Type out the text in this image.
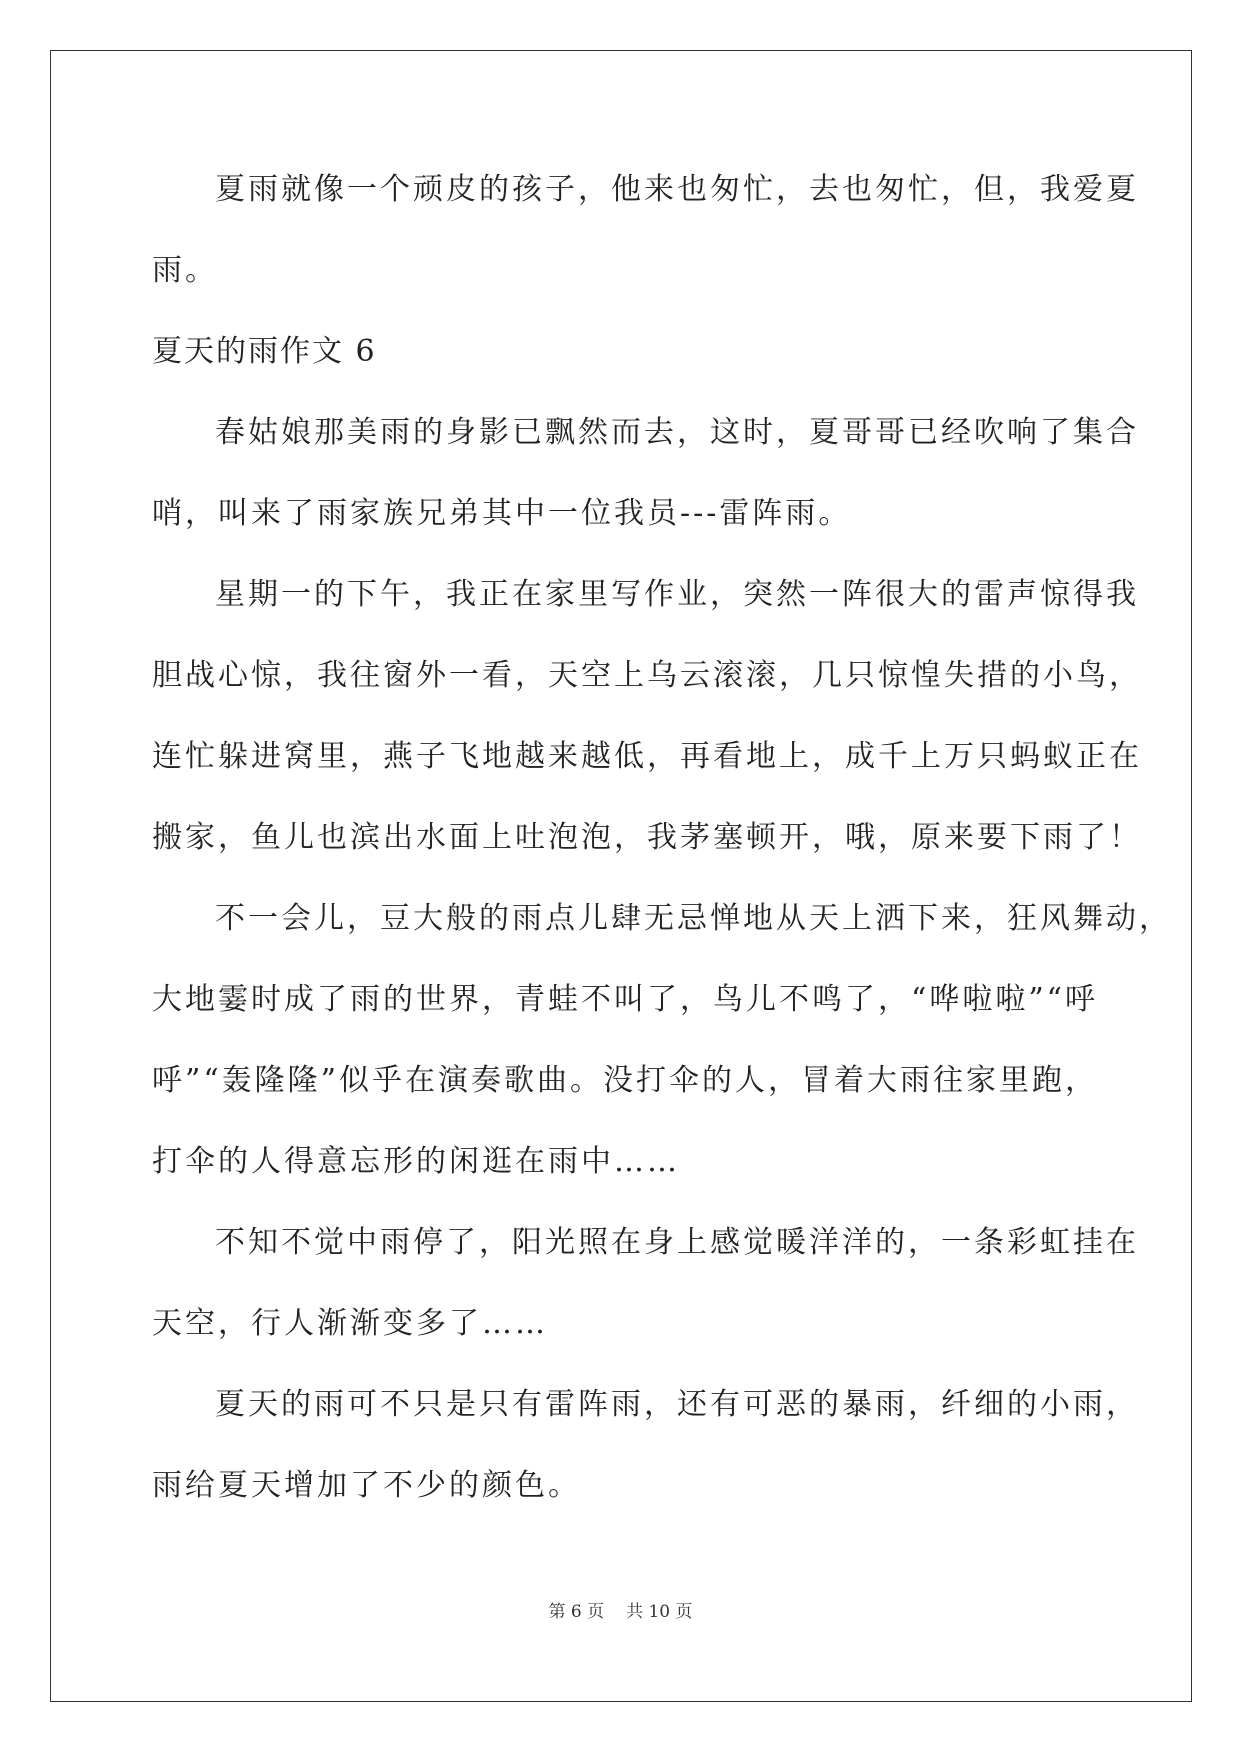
夏雨就像一个顽皮的孩子，他来也匆忙，去也匆忙，但，我爱夏
雨。
夏天的雨作文 6
春姑娘那美雨的身影已飘然而去，这时，夏哥哥已经吹响了集合
哨，叫来了雨家族兄弟其中一位我员---雷阵雨。
星期一的下午，我正在家里写作业，突然一阵很大的雷声惊得我
胆战心惊，我往窗外一看，天空上乌云滚滚，几只惊惶失措的小鸟，
连忙躲进窝里，燕子飞地越来越低，再看地上，成千上万只蚂蚁正在
搬家，鱼儿也滨出水面上吐泡泡，我茅塞顿开，哦，原来要下雨了！
不一会儿，豆大般的雨点儿肆无忌惮地从天上洒下来，狂风舞动，
大地霎时成了雨的世界，青蛙不叫了，鸟儿不鸣了，“哗啦啦”“呼
呼”“轰隆隆”似乎在演奏歌曲。没打伞的人，冒着大雨往家里跑，
打伞的人得意忘形的闲逛在雨中……
不知不觉中雨停了，阳光照在身上感觉暖洋洋的，一条彩虹挂在
天空，行人渐渐变多了……
夏天的雨可不只是只有雷阵雨，还有可恶的暴雨，纤细的小雨，
雨给夏天增加了不少的颜色。
第 6 页 共 10 页
